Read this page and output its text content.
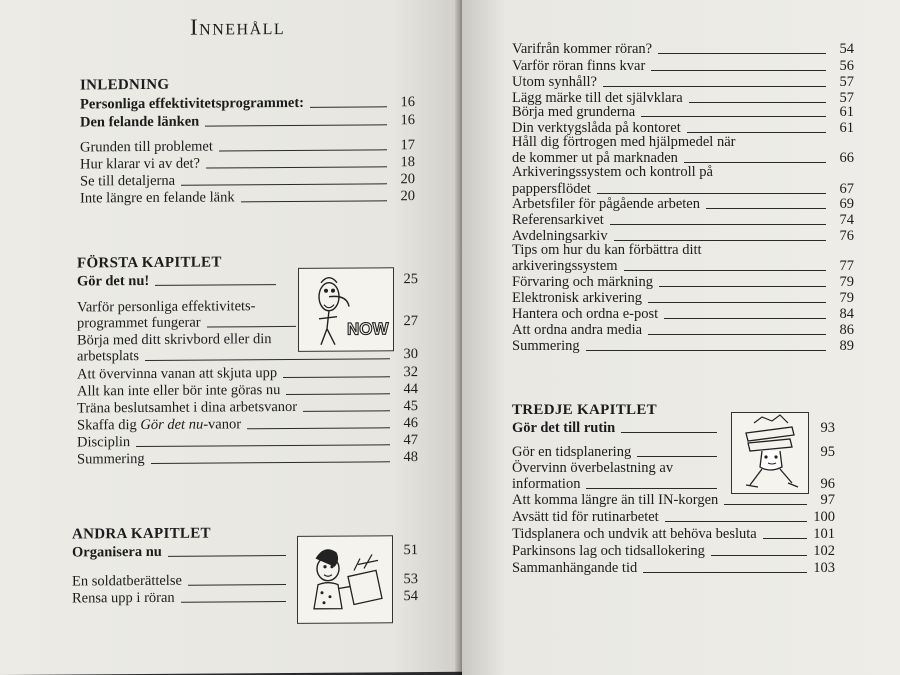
Innehåll
INLEDNING
Personliga effektivitetsprogrammet:	16
Den felande länken	16
Grunden till problemet	17
Hur klarar vi av det?	18
Se till detaljerna	20
Inte längre en felande länk	20
FÖRSTA KAPITLET
Gör det nu!	25
Varför personliga effektivitets-
programmet fungerar	27
Börja med ditt skrivbord eller din
arbetsplats	30
Att övervinna vanan att skjuta upp	32
Allt kan inte eller bör inte göras nu	44
Träna beslutsamhet i dina arbetsvanor	45
Skaffa dig Gör det nu-vanor	46
Disciplin	47
Summering	48
NOW
ANDRA KAPITLET
Organisera nu	51
En soldatberättelse	53
Rensa upp i röran	54
Varifrån kommer röran?	54
Varför röran finns kvar	56
Utom synhåll?	57
Lägg märke till det självklara	57
Börja med grunderna	61
Din verktygslåda på kontoret	61
Håll dig förtrogen med hjälpmedel när
de kommer ut på marknaden	66
Arkiveringssystem och kontroll på
pappersflödet	67
Arbetsfiler för pågående arbeten	69
Referensarkivet	74
Avdelningsarkiv	76
Tips om hur du kan förbättra ditt
arkiveringssystem	77
Förvaring och märkning	79
Elektronisk arkivering	79
Hantera och ordna e-post	84
Att ordna andra media	86
Summering	89
TREDJE KAPITLET
Gör det till rutin	93
Gör en tidsplanering	95
Övervinn överbelastning av
information	96
Att komma längre än till IN-korgen	97
Avsätt tid för rutinarbetet	100
Tidsplanera och undvik att behöva besluta	101
Parkinsons lag och tidsallokering	102
Sammanhängande tid	103
